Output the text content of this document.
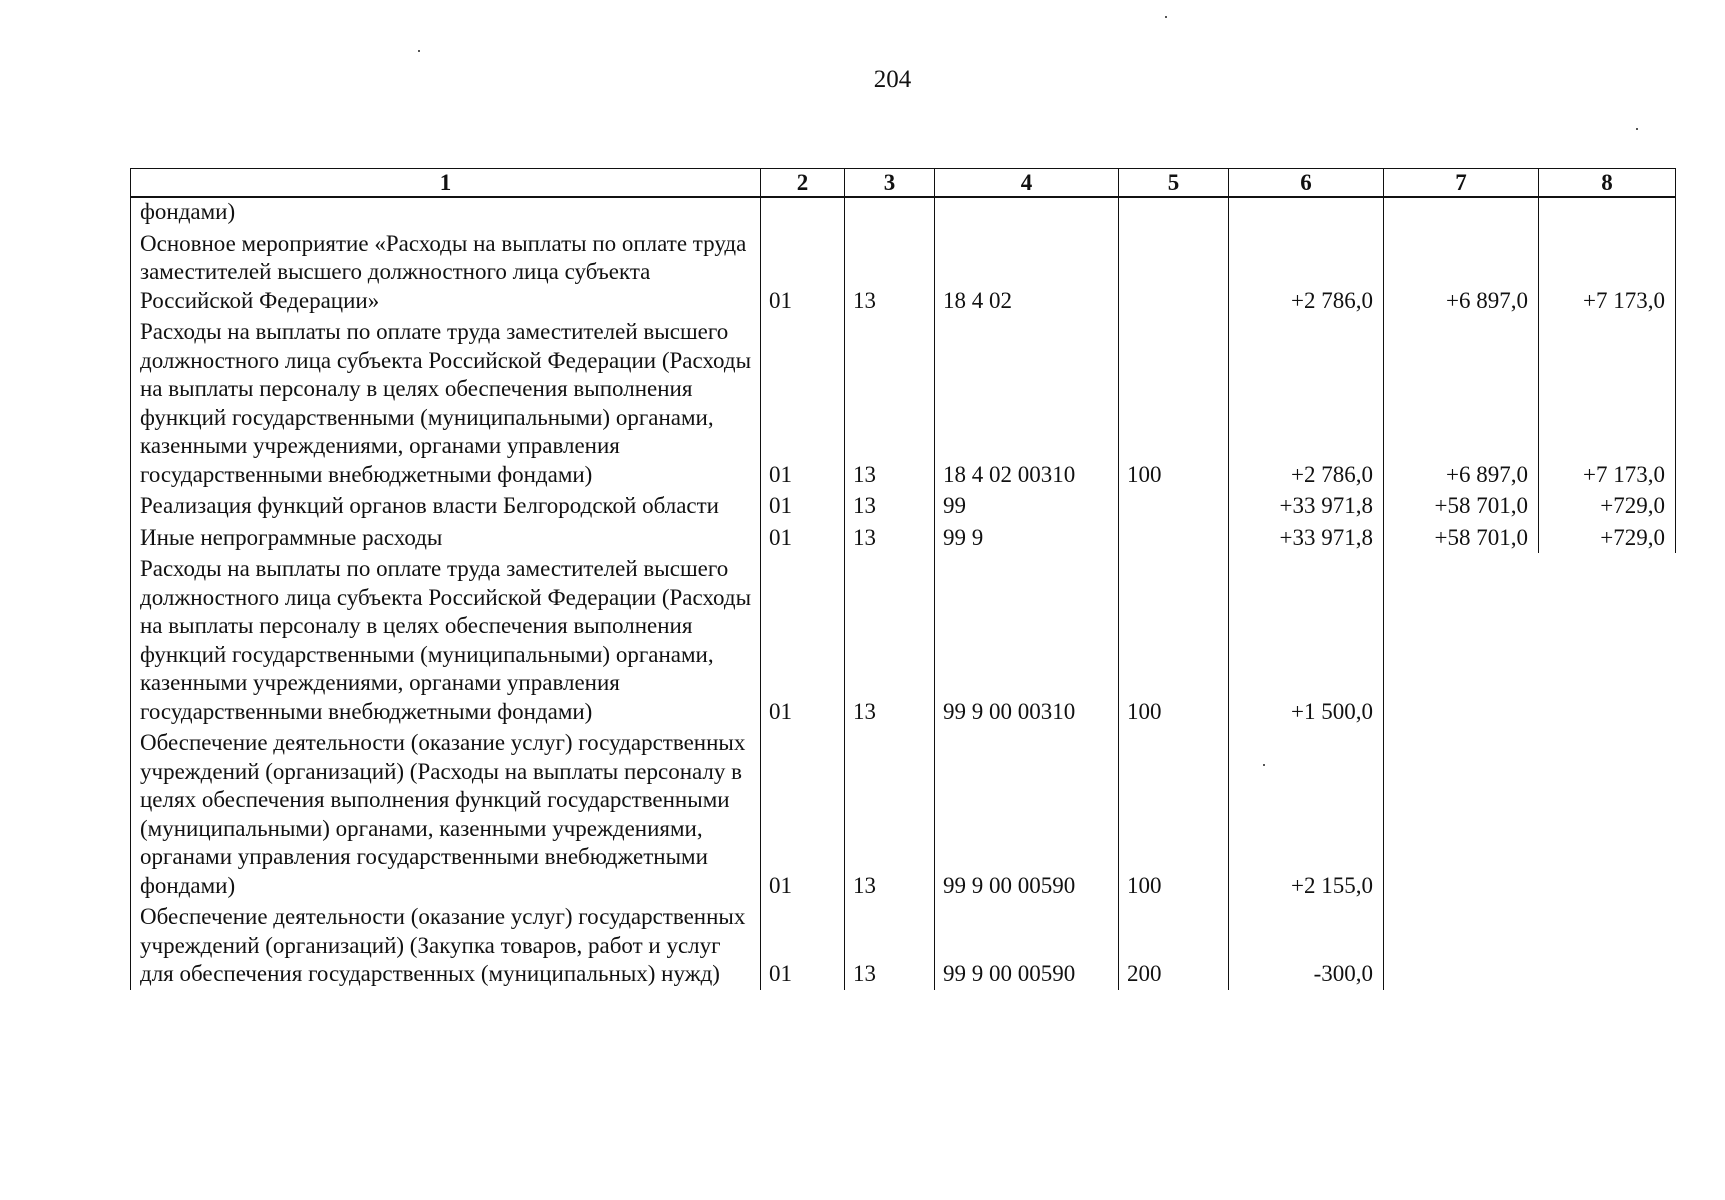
204
1	2	3	4	5	6	7	8
фондами)							
Основное мероприятие «Расходы на выплаты по оплате труда заместителей высшего должностного лица субъекта Российской Федерации»	01	13	18 4 02		+2 786,0	+6 897,0	+7 173,0
Расходы на выплаты по оплате труда заместителей высшего должностного лица субъекта Российской Федерации (Расходы на выплаты персоналу в целях обеспечения выполнения функций государственными (муниципальными) органами, казенными учреждениями, органами управления государственными внебюджетными фондами)	01	13	18 4 02 00310	100	+2 786,0	+6 897,0	+7 173,0
Реализация функций органов власти Белгородской области	01	13	99		+33 971,8	+58 701,0	+729,0
Иные непрограммные расходы	01	13	99 9		+33 971,8	+58 701,0	+729,0
Расходы на выплаты по оплате труда заместителей высшего должностного лица субъекта Российской Федерации (Расходы на выплаты персоналу в целях обеспечения выполнения функций государственными (муниципальными) органами, казенными учреждениями, органами управления государственными внебюджетными фондами)	01	13	99 9 00 00310	100	+1 500,0		
Обеспечение деятельности (оказание услуг) государственных учреждений (организаций) (Расходы на выплаты персоналу в целях обеспечения выполнения функций государственными (муниципальными) органами, казенными учреждениями, органами управления государственными внебюджетными фондами)	01	13	99 9 00 00590	100	+2 155,0		
Обеспечение деятельности (оказание услуг) государственных учреждений (организаций) (Закупка товаров, работ и услуг для обеспечения государственных (муниципальных) нужд)	01	13	99 9 00 00590	200	-300,0		
